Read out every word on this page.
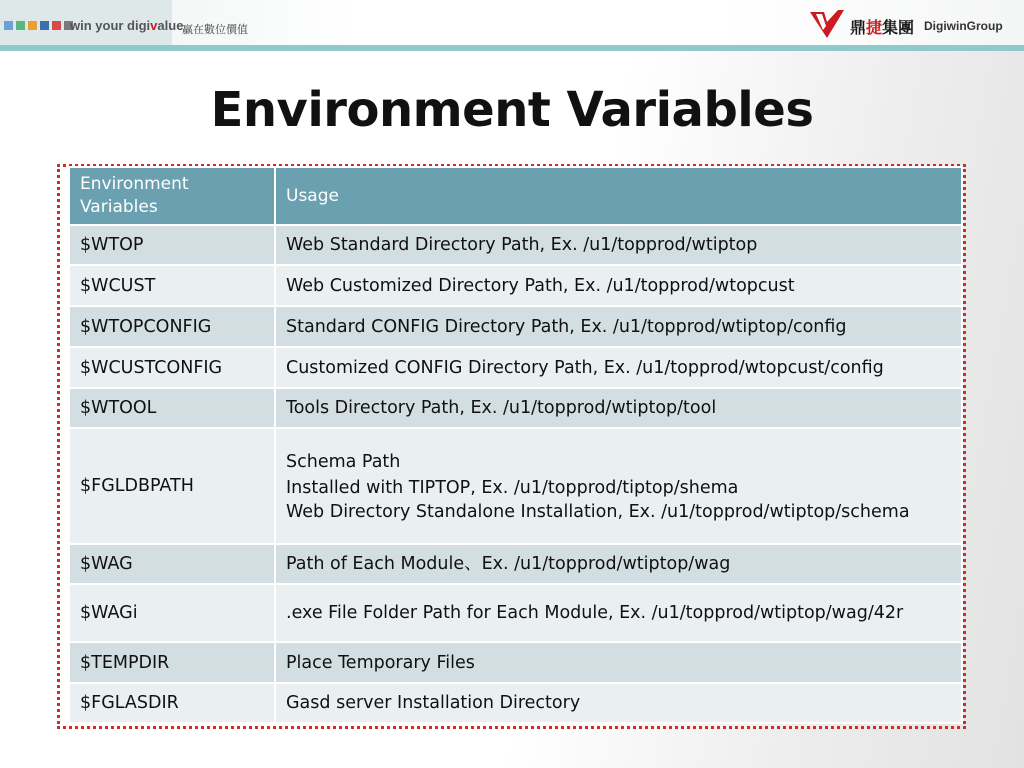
win your digivalue
贏在數位價值	鼎捷集團 DigiwinGroup
Environment Variables
Environment Variables	Usage
$WTOP	Web Standard Directory Path, Ex. /u1/topprod/wtiptop
$WCUST	Web Customized Directory Path, Ex. /u1/topprod/wtopcust
$WTOPCONFIG	Standard CONFIG Directory Path, Ex. /u1/topprod/wtiptop/config
$WCUSTCONFIG	Customized CONFIG Directory Path, Ex. /u1/topprod/wtopcust/config
$WTOOL	Tools Directory Path, Ex. /u1/topprod/wtiptop/tool
$FGLDBPATH	Schema Path
Installed with TIPTOP, Ex. /u1/topprod/tiptop/shema
Web Directory Standalone Installation, Ex. /u1/topprod/wtiptop/schema

$WAG	Path of Each Module、Ex. /u1/topprod/wtiptop/wag
$WAGi	.exe File Folder Path for Each Module, Ex. /u1/topprod/wtiptop/wag/42r
$TEMPDIR	Place Temporary Files
$FGLASDIR	Gasd server Installation Directory
